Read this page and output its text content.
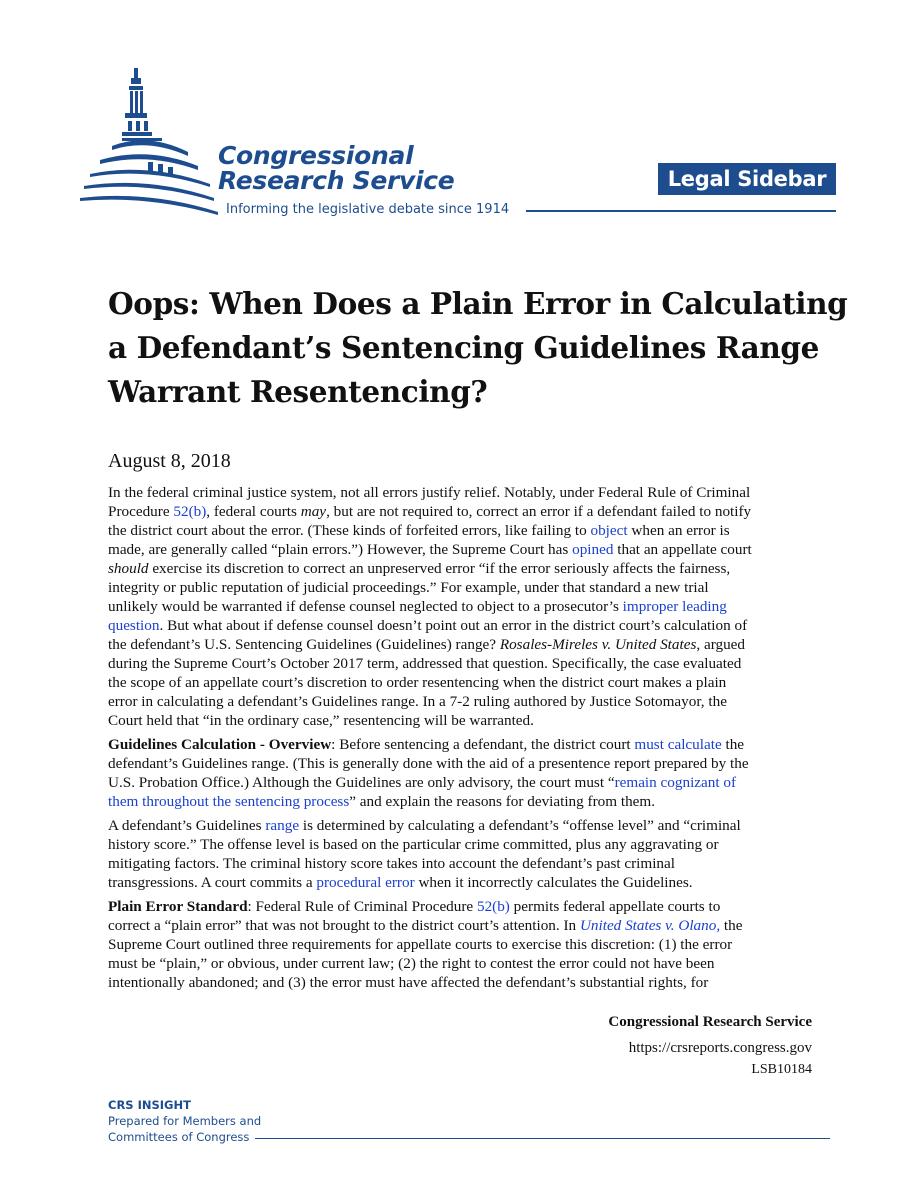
Congressional
Research Service
Informing the legislative debate since 1914
Legal Sidebar
Oops: When Does a Plain Error in Calculating
a Defendant’s Sentencing Guidelines Range
Warrant Resentencing?
August 8, 2018
In the federal criminal justice system, not all errors justify relief. Notably, under Federal Rule of Criminal
Procedure 52(b), federal courts may, but are not required to, correct an error if a defendant failed to notify
the district court about the error. (These kinds of forfeited errors, like failing to object when an error is
made, are generally called “plain errors.”) However, the Supreme Court has opined that an appellate court
should exercise its discretion to correct an unpreserved error “if the error seriously affects the fairness,
integrity or public reputation of judicial proceedings.” For example, under that standard a new trial
unlikely would be warranted if defense counsel neglected to object to a prosecutor’s improper leading
question. But what about if defense counsel doesn’t point out an error in the district court’s calculation of
the defendant’s U.S. Sentencing Guidelines (Guidelines) range? Rosales-Mireles v. United States, argued
during the Supreme Court’s October 2017 term, addressed that question. Specifically, the case evaluated
the scope of an appellate court’s discretion to order resentencing when the district court makes a plain
error in calculating a defendant’s Guidelines range. In a 7-2 ruling authored by Justice Sotomayor, the
Court held that “in the ordinary case,” resentencing will be warranted.
Guidelines Calculation - Overview: Before sentencing a defendant, the district court must calculate the
defendant’s Guidelines range. (This is generally done with the aid of a presentence report prepared by the
U.S. Probation Office.) Although the Guidelines are only advisory, the court must “remain cognizant of
them throughout the sentencing process” and explain the reasons for deviating from them.
A defendant’s Guidelines range is determined by calculating a defendant’s “offense level” and “criminal
history score.” The offense level is based on the particular crime committed, plus any aggravating or
mitigating factors. The criminal history score takes into account the defendant’s past criminal
transgressions. A court commits a procedural error when it incorrectly calculates the Guidelines.
Plain Error Standard: Federal Rule of Criminal Procedure 52(b) permits federal appellate courts to
correct a “plain error” that was not brought to the district court’s attention. In United States v. Olano, the
Supreme Court outlined three requirements for appellate courts to exercise this discretion: (1) the error
must be “plain,” or obvious, under current law; (2) the right to contest the error could not have been
intentionally abandoned; and (3) the error must have affected the defendant’s substantial rights, for
Congressional Research Service
https://crsreports.congress.gov
LSB10184
CRS INSIGHT
Prepared for Members and
Committees of Congress
